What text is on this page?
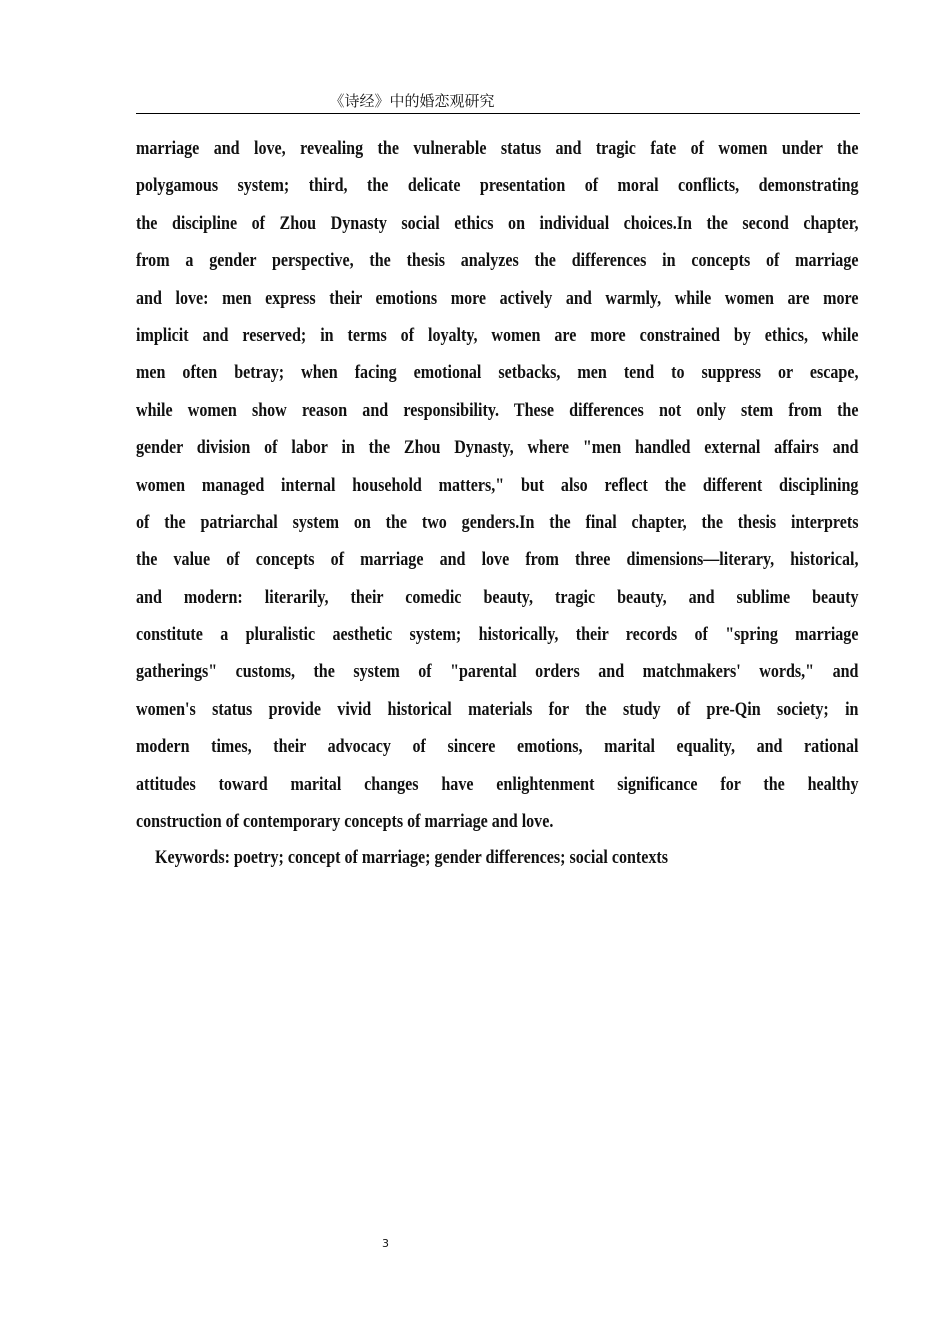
《诗经》中的婚恋观研究
marriage and love, revealing the vulnerable status and tragic fate of women under the
polygamous system; third, the delicate presentation of moral conflicts, demonstrating
the discipline of Zhou Dynasty social ethics on individual choices.In the second chapter,
from a gender perspective, the thesis analyzes the differences in concepts of marriage
and love: men express their emotions more actively and warmly, while women are more
implicit and reserved; in terms of loyalty, women are more constrained by ethics, while
men often betray; when facing emotional setbacks, men tend to suppress or escape,
while women show reason and responsibility. These differences not only stem from the
gender division of labor in the Zhou Dynasty, where "men handled external affairs and
women managed internal household matters," but also reflect the different disciplining
of the patriarchal system on the two genders.In the final chapter, the thesis interprets
the value of concepts of marriage and love from three dimensions—literary, historical,
and modern: literarily, their comedic beauty, tragic beauty, and sublime beauty
constitute a pluralistic aesthetic system; historically, their records of "spring marriage
gatherings" customs, the system of "parental orders and matchmakers' words," and
women's status provide vivid historical materials for the study of pre-Qin society; in
modern times, their advocacy of sincere emotions, marital equality, and rational
attitudes toward marital changes have enlightenment significance for the healthy
construction of contemporary concepts of marriage and love.
Keywords: poetry; concept of marriage; gender differences; social contexts
3
